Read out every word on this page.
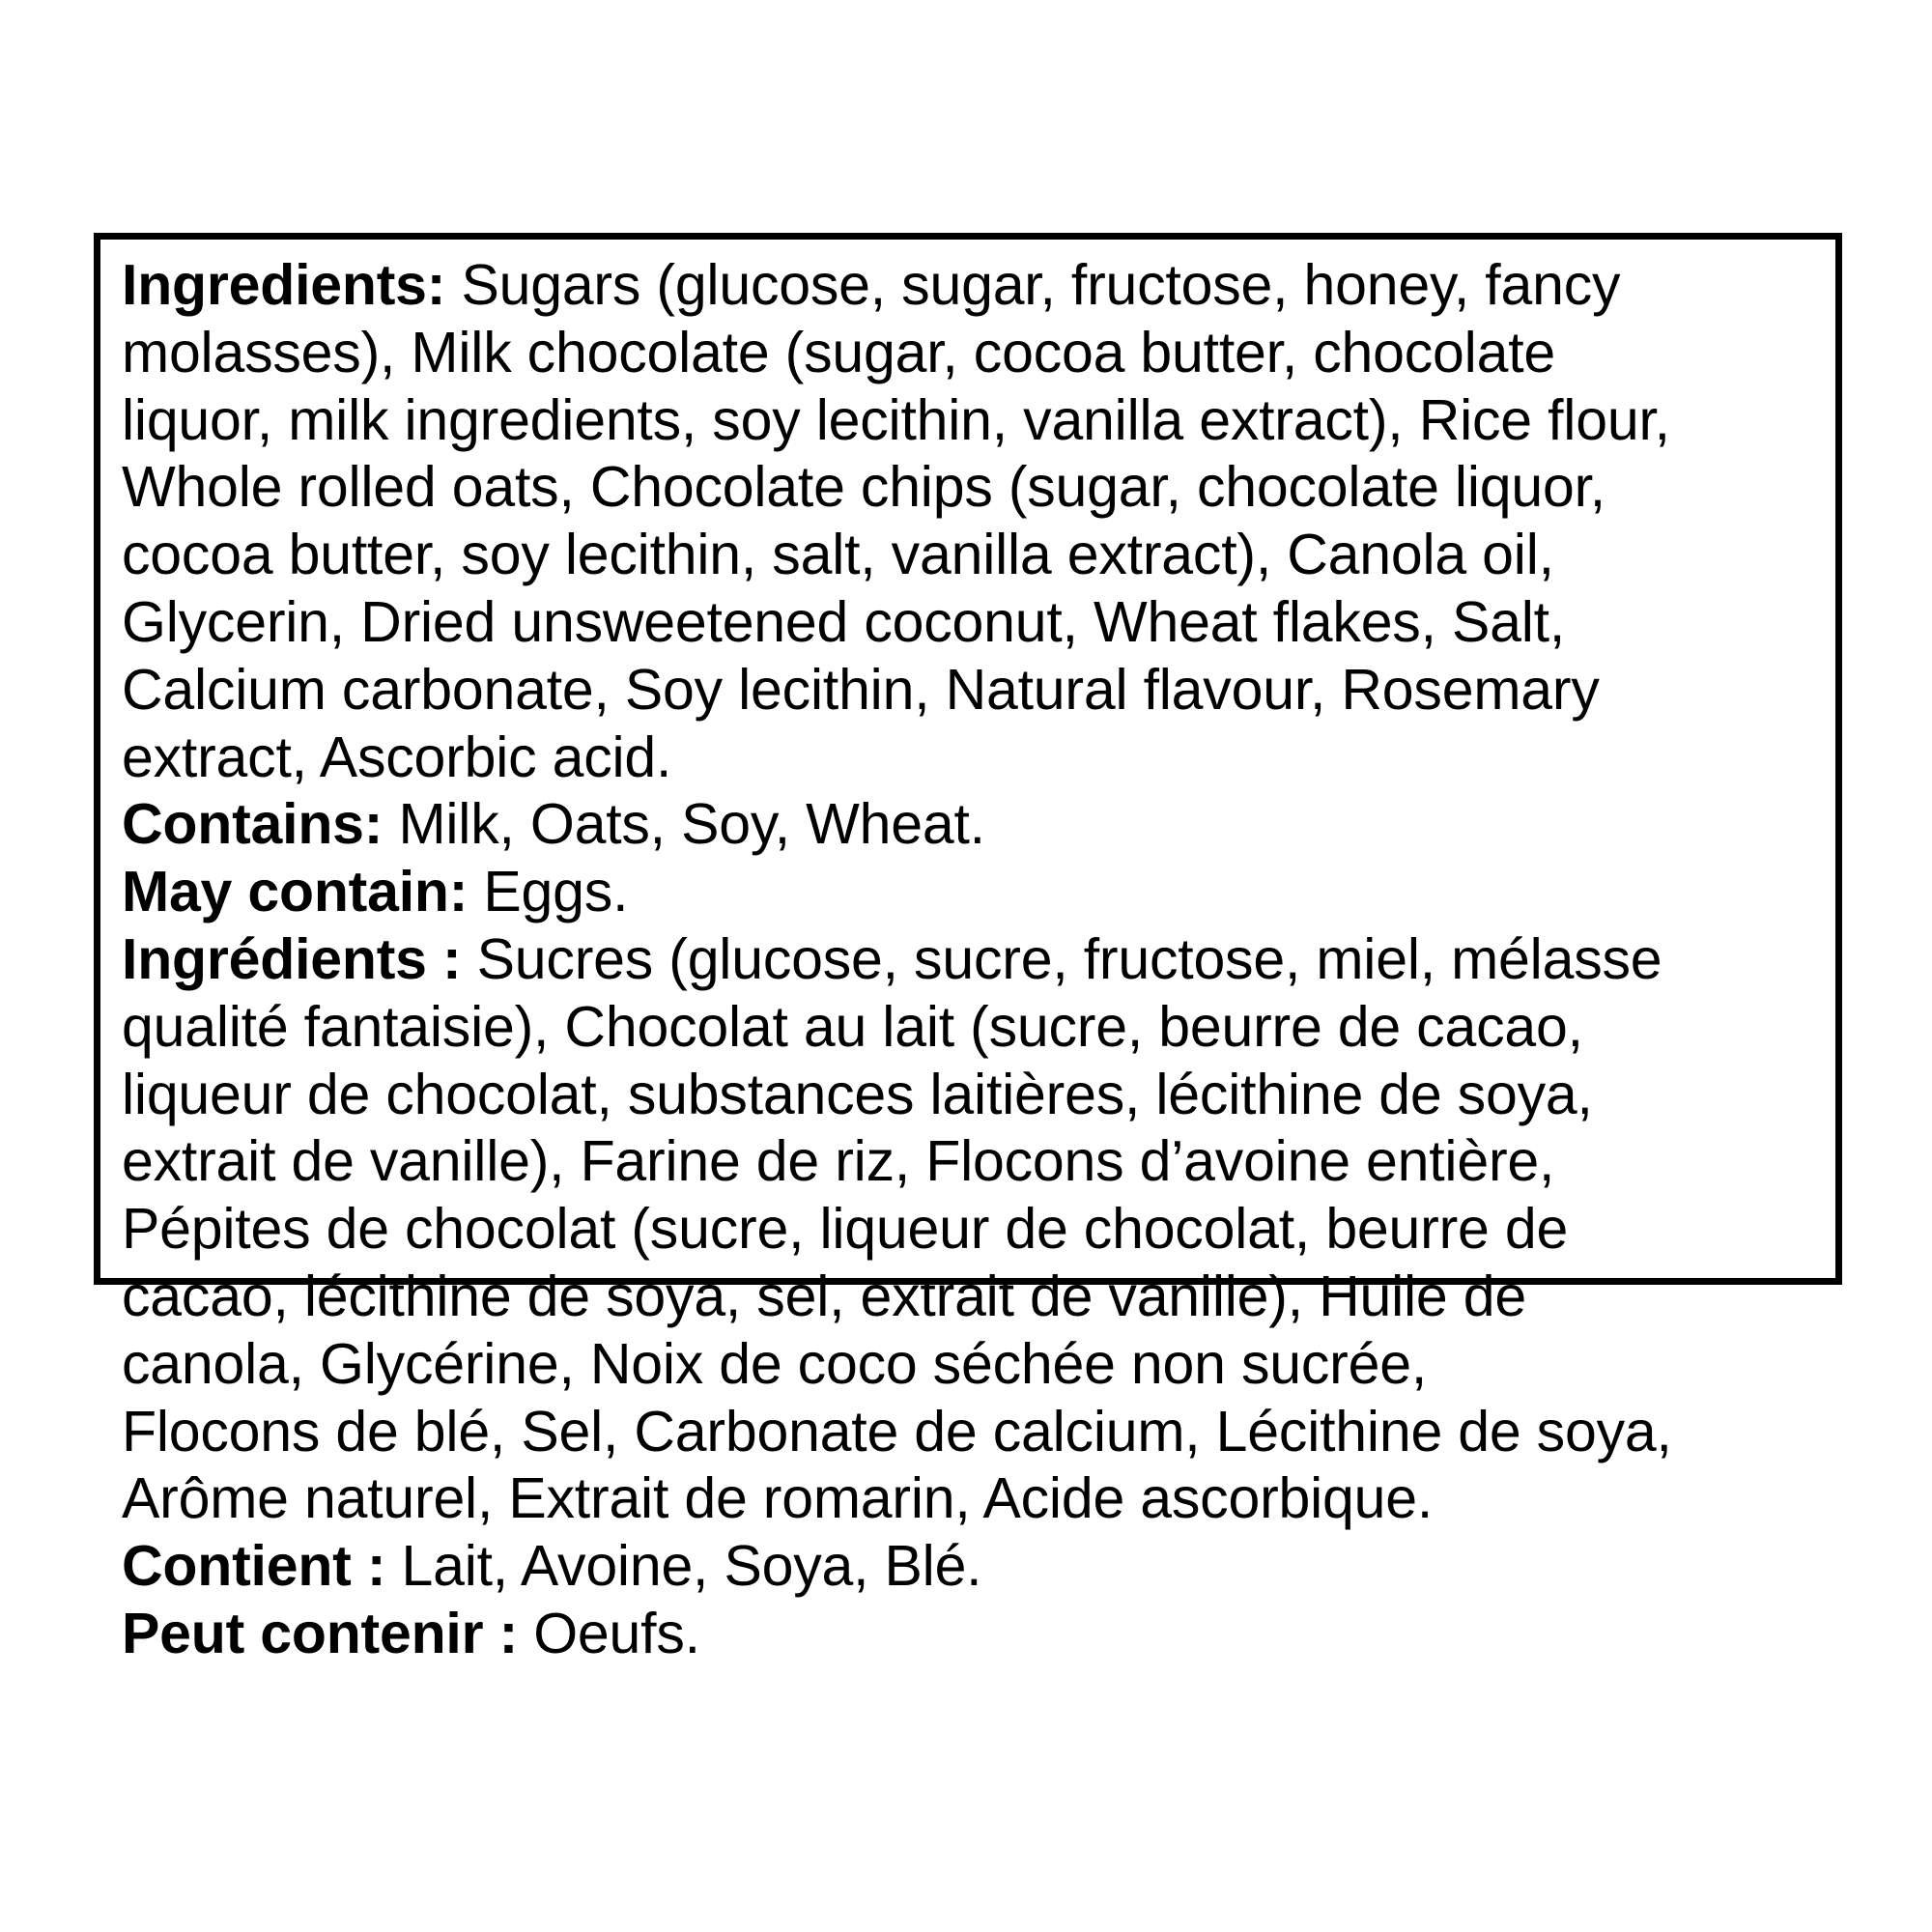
Ingredients: Sugars (glucose, sugar, fructose, honey, fancy
molasses), Milk chocolate (sugar, cocoa butter, chocolate
liquor, milk ingredients, soy lecithin, vanilla extract), Rice flour,
Whole rolled oats, Chocolate chips (sugar, chocolate liquor,
cocoa butter, soy lecithin, salt, vanilla extract), Canola oil,
Glycerin, Dried unsweetened coconut, Wheat flakes, Salt,
Calcium carbonate, Soy lecithin, Natural flavour, Rosemary
extract, Ascorbic acid.
Contains: Milk, Oats, Soy, Wheat.
May contain: Eggs.
Ingrédients : Sucres (glucose, sucre, fructose, miel, mélasse
qualité fantaisie), Chocolat au lait (sucre, beurre de cacao,
liqueur de chocolat, substances laitières, lécithine de soya,
extrait de vanille), Farine de riz, Flocons d’avoine entière,
Pépites de chocolat (sucre, liqueur de chocolat, beurre de
cacao, lécithine de soya, sel, extrait de vanille), Huile de
canola, Glycérine, Noix de coco séchée non sucrée,
Flocons de blé, Sel, Carbonate de calcium, Lécithine de soya,
Arôme naturel, Extrait de romarin, Acide ascorbique.
Contient : Lait, Avoine, Soya, Blé.
Peut contenir : Oeufs.
